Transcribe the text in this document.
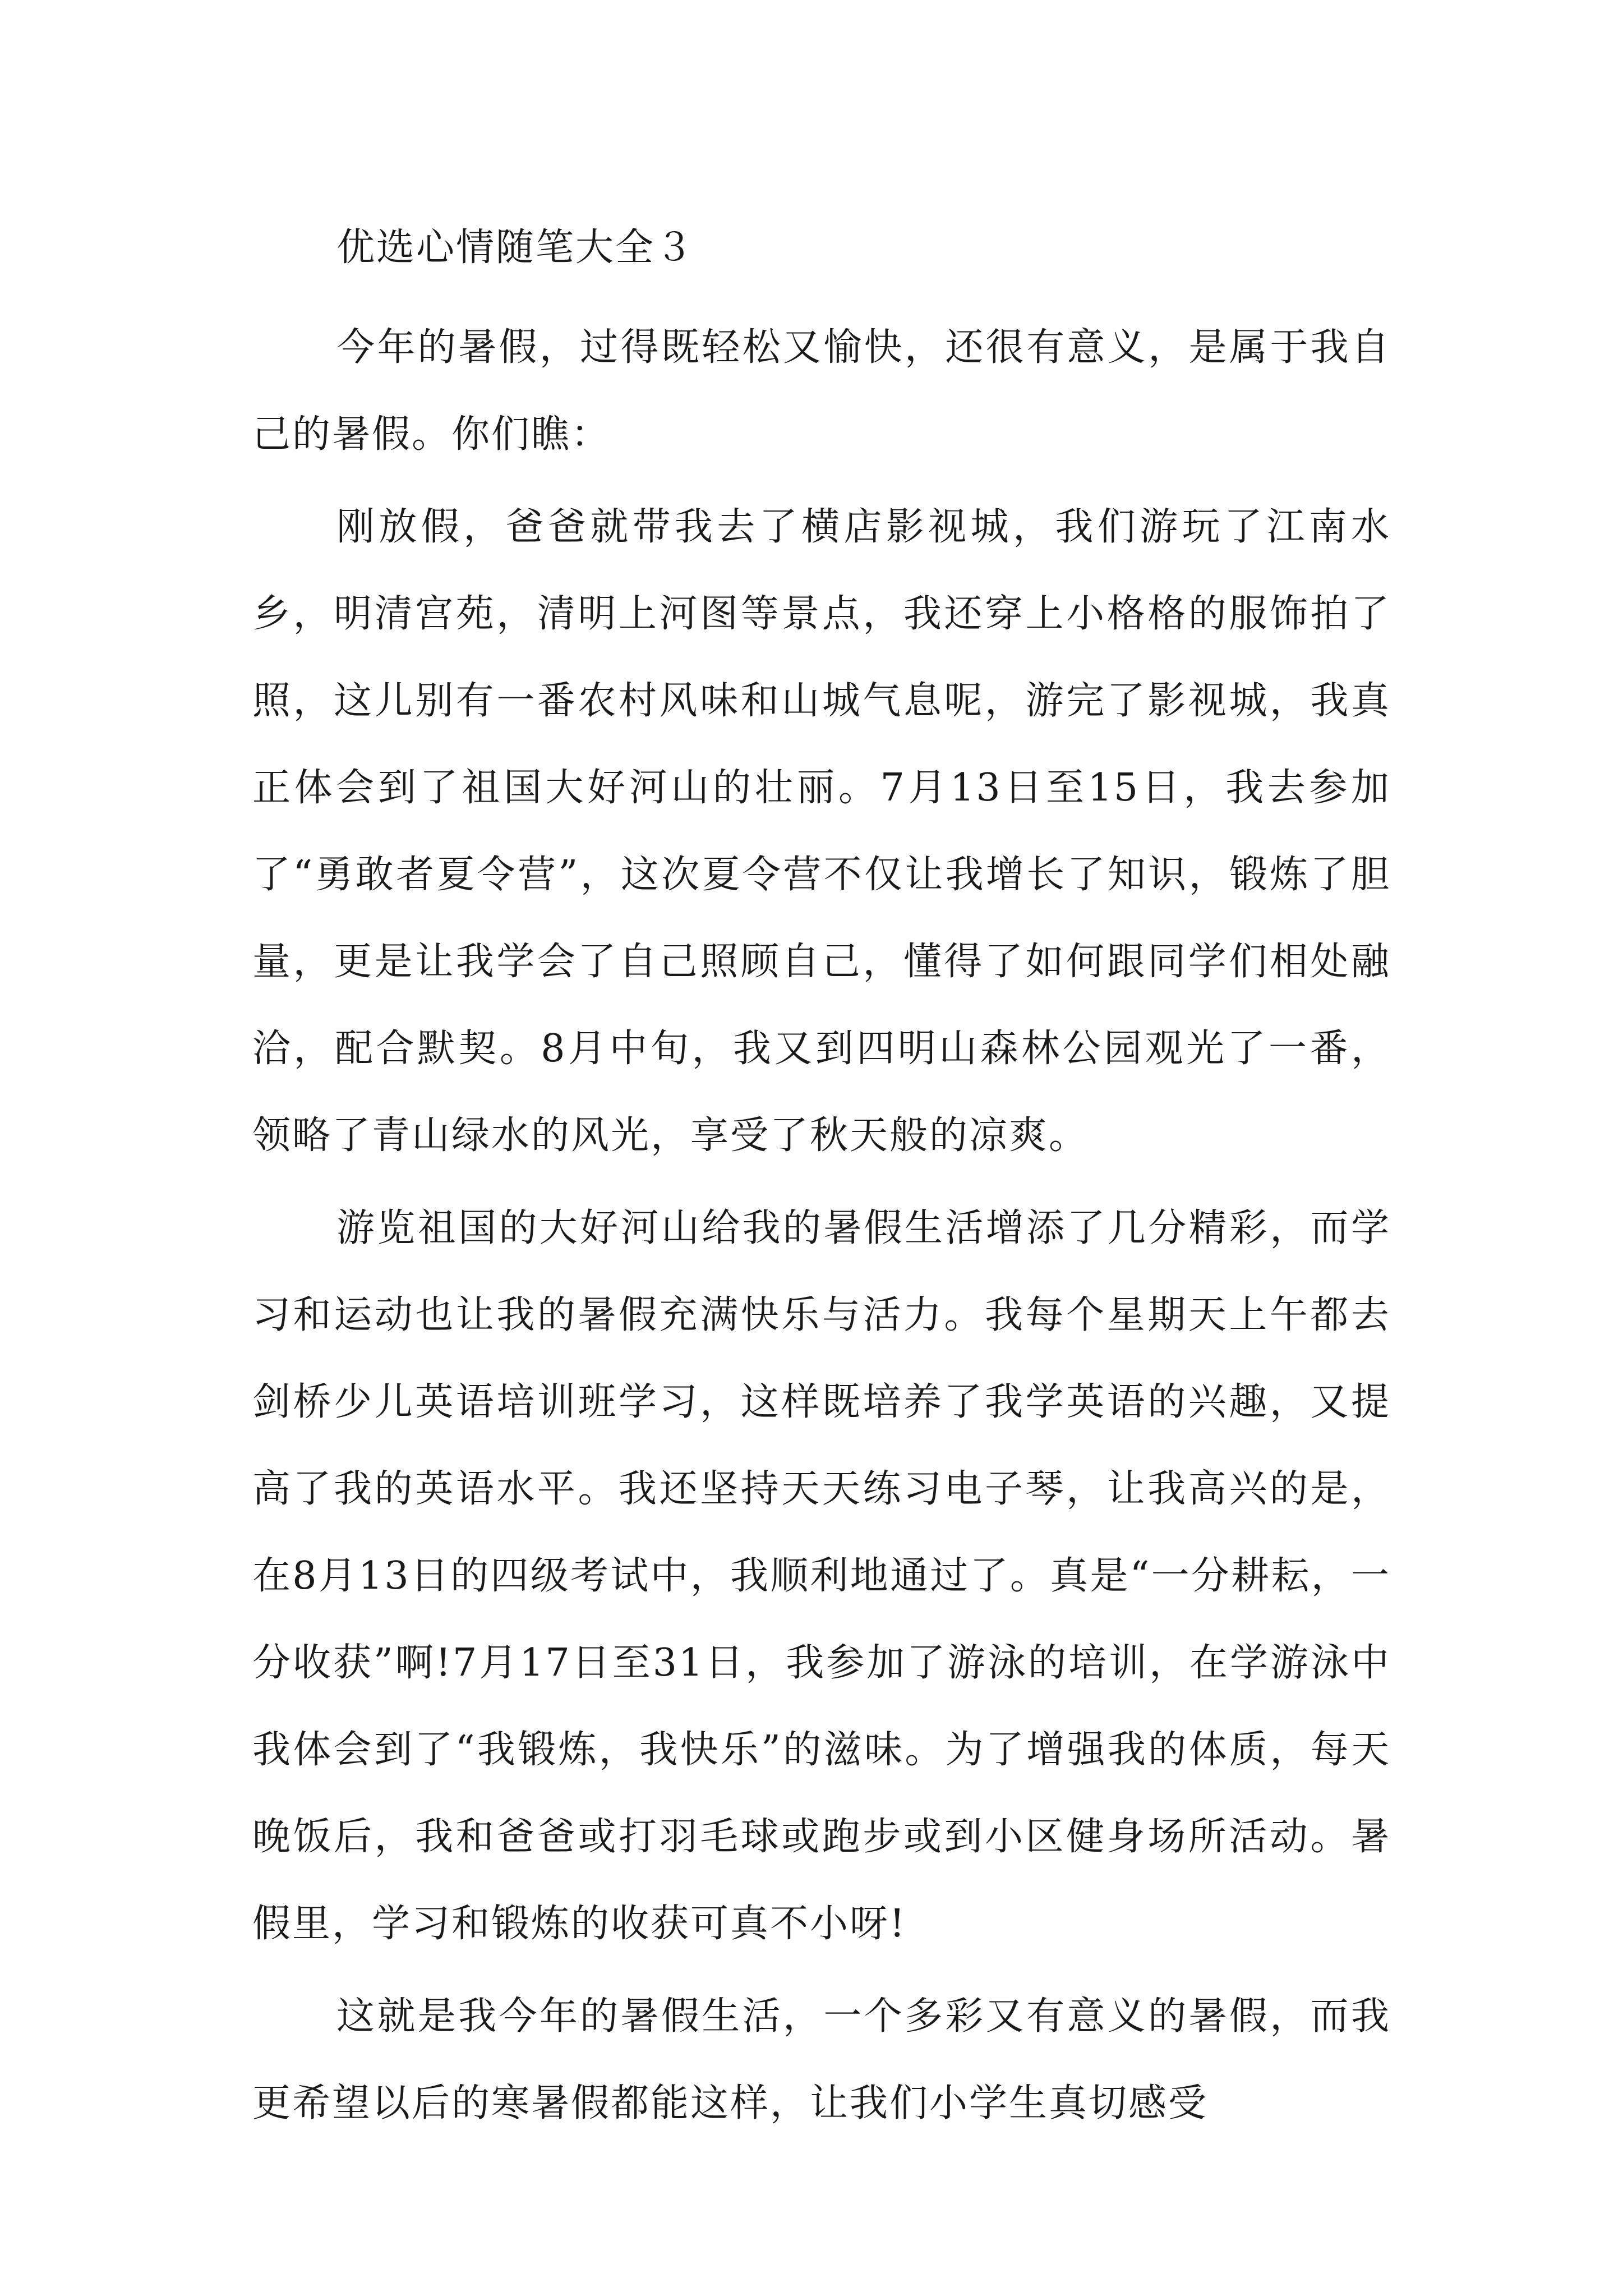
优选心情随笔大全３

今年的暑假，过得既轻松又愉快，还很有意义，是属于我自己的暑假。你们瞧：

刚放假，爸爸就带我去了横店影视城，我们游玩了江南水乡，明清宫苑，清明上河图等景点，我还穿上小格格的服饰拍了照，这儿别有一番农村风味和山城气息呢，游完了影视城，我真正体会到了祖国大好河山的壮丽。7月13日至15日，我去参加了“勇敢者夏令营”，这次夏令营不仅让我增长了知识，锻炼了胆量，更是让我学会了自己照顾自己，懂得了如何跟同学们相处融洽，配合默契。8月中旬，我又到四明山森林公园观光了一番，领略了青山绿水的风光，享受了秋天般的凉爽。

游览祖国的大好河山给我的暑假生活增添了几分精彩，而学习和运动也让我的暑假充满快乐与活力。我每个星期天上午都去剑桥少儿英语培训班学习，这样既培养了我学英语的兴趣，又提高了我的英语水平。我还坚持天天练习电子琴，让我高兴的是，在8月13日的四级考试中，我顺利地通过了。真是“一分耕耘，一分收获”啊!7月17日至31日，我参加了游泳的培训，在学游泳中我体会到了“我锻炼，我快乐”的滋味。为了增强我的体质，每天晚饭后，我和爸爸或打羽毛球或跑步或到小区健身场所活动。暑假里，学习和锻炼的收获可真不小呀!

这就是我今年的暑假生活，一个多彩又有意义的暑假，而我更希望以后的寒暑假都能这样，让我们小学生真切感受
